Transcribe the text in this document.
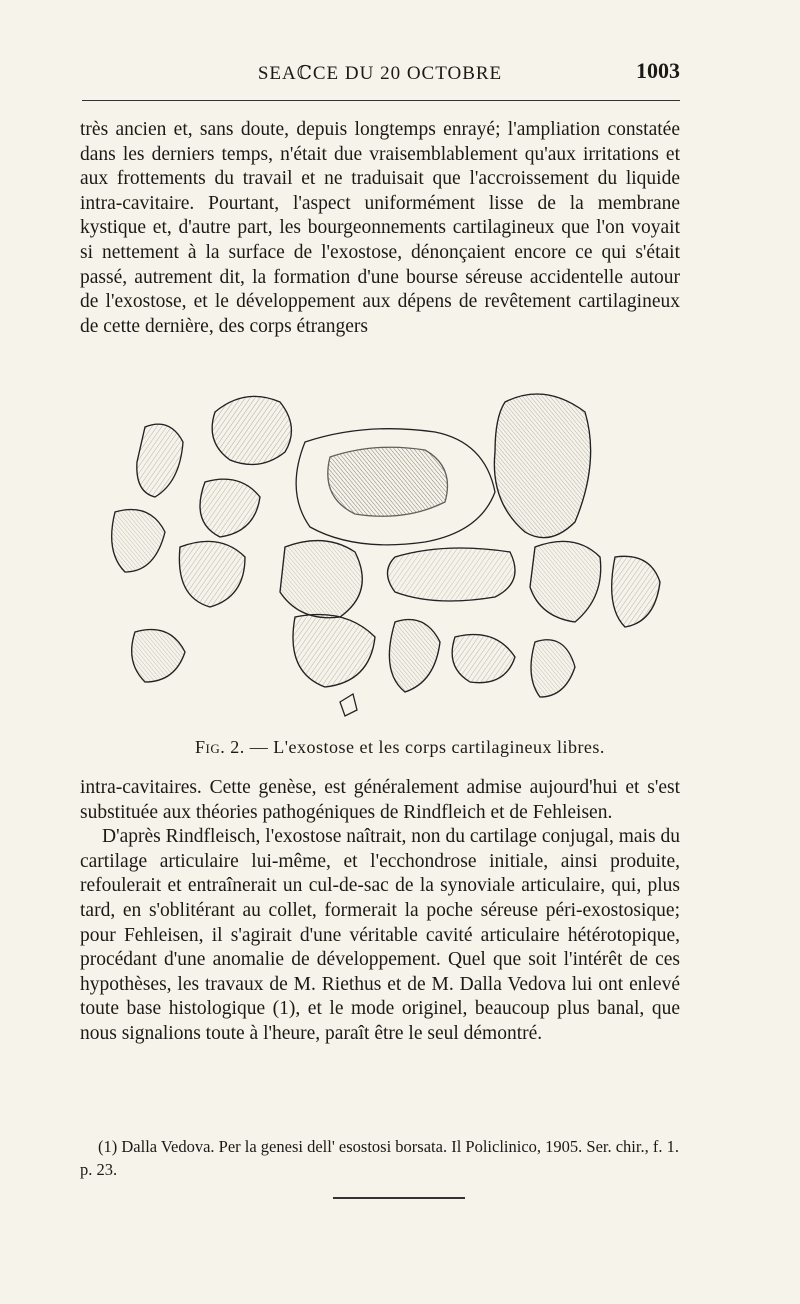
SEAℂCE DU 20 OCTOBRE	1003

très ancien et, sans doute, depuis longtemps enrayé; l'ampliation constatée dans les derniers temps, n'était due vraisemblablement qu'aux irritations et aux frottements du travail et ne traduisait que l'accroissement du liquide intra-cavitaire. Pourtant, l'aspect uniformément lisse de la membrane kystique et, d'autre part, les bourgeonnements cartilagineux que l'on voyait si nettement à la surface de l'exostose, dénonçaient encore ce qui s'était passé, autrement dit, la formation d'une bourse séreuse accidentelle autour de l'exostose, et le développement aux dépens de revêtement cartilagineux de cette dernière, des corps étrangers

Fig. 2. — L'exostose et les corps cartilagineux libres.

intra-cavitaires. Cette genèse, est généralement admise aujourd'hui et s'est substituée aux théories pathogéniques de Rindfleich et de Fehleisen.

D'après Rindfleisch, l'exostose naîtrait, non du cartilage conjugal, mais du cartilage articulaire lui-même, et l'ecchondrose initiale, ainsi produite, refoulerait et entraînerait un cul-de-sac de la synoviale articulaire, qui, plus tard, en s'oblitérant au collet, formerait la poche séreuse péri-exostosique; pour Fehleisen, il s'agirait d'une véritable cavité articulaire hétérotopique, procédant d'une anomalie de développement. Quel que soit l'intérêt de ces hypothèses, les travaux de M. Riethus et de M. Dalla Vedova lui ont enlevé toute base histologique (1), et le mode originel, beaucoup plus banal, que nous signalions toute à l'heure, paraît être le seul démontré.

(1) Dalla Vedova. Per la genesi dell' esostosi borsata. Il Policlinico, 1905. Ser. chir., f. 1. p. 23.
